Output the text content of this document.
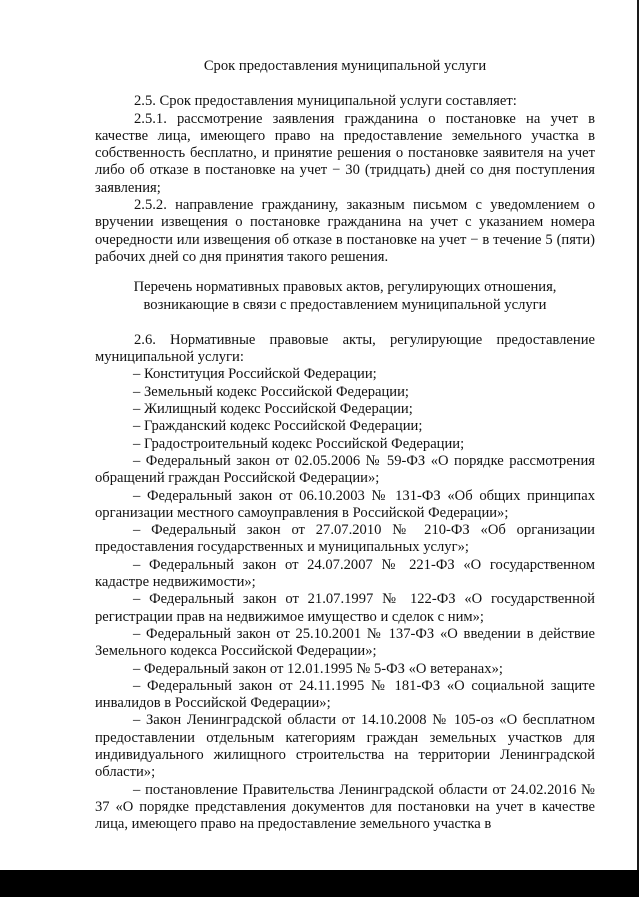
Срок предоставления муниципальной услуги

2.5. Срок предоставления муниципальной услуги составляет:

2.5.1. рассмотрение заявления гражданина о постановке на учет в качестве лица, имеющего право на предоставление земельного участка в собственность бесплатно, и принятие решения о постановке заявителя на учет либо об отказе в постановке на учет − 30 (тридцать) дней со дня поступления заявления;

2.5.2. направление гражданину, заказным письмом с уведомлением о вручении извещения о постановке гражданина на учет с указанием номера очередности или извещения об отказе в постановке на учет − в течение 5 (пяти) рабочих дней со дня принятия такого решения.

Перечень нормативных правовых актов, регулирующих отношения,
возникающие в связи с предоставлением муниципальной услуги

2.6. Нормативные правовые акты, регулирующие предоставление муниципальной услуги:

– Конституция Российской Федерации;

– Земельный кодекс Российской Федерации;

– Жилищный кодекс Российской Федерации;

– Гражданский кодекс Российской Федерации;

– Градостроительный кодекс Российской Федерации;

– Федеральный закон от 02.05.2006 № 59-ФЗ «О порядке рассмотрения обращений граждан Российской Федерации»;

– Федеральный закон от 06.10.2003 № 131-ФЗ «Об общих принципах организации местного самоуправления в Российской Федерации»;

– Федеральный закон от 27.07.2010 № 210-ФЗ «Об организации предоставления государственных и муниципальных услуг»;

– Федеральный закон от 24.07.2007 № 221-ФЗ «О государственном кадастре недвижимости»;

– Федеральный закон от 21.07.1997 № 122-ФЗ «О государственной регистрации прав на недвижимое имущество и сделок с ним»;

– Федеральный закон от 25.10.2001 № 137-ФЗ «О введении в действие Земельного кодекса Российской Федерации»;

– Федеральный закон от 12.01.1995 № 5-ФЗ «О ветеранах»;

– Федеральный закон от 24.11.1995 № 181-ФЗ «О социальной защите инвалидов в Российской Федерации»;

– Закон Ленинградской области от 14.10.2008 № 105-оз «О бесплатном предоставлении отдельным категориям граждан земельных участков для индивидуального жилищного строительства на территории Ленинградской области»;

– постановление Правительства Ленинградской области от 24.02.2016 № 37 «О порядке представления документов для постановки на учет в качестве лица, имеющего право на предоставление земельного участка в
